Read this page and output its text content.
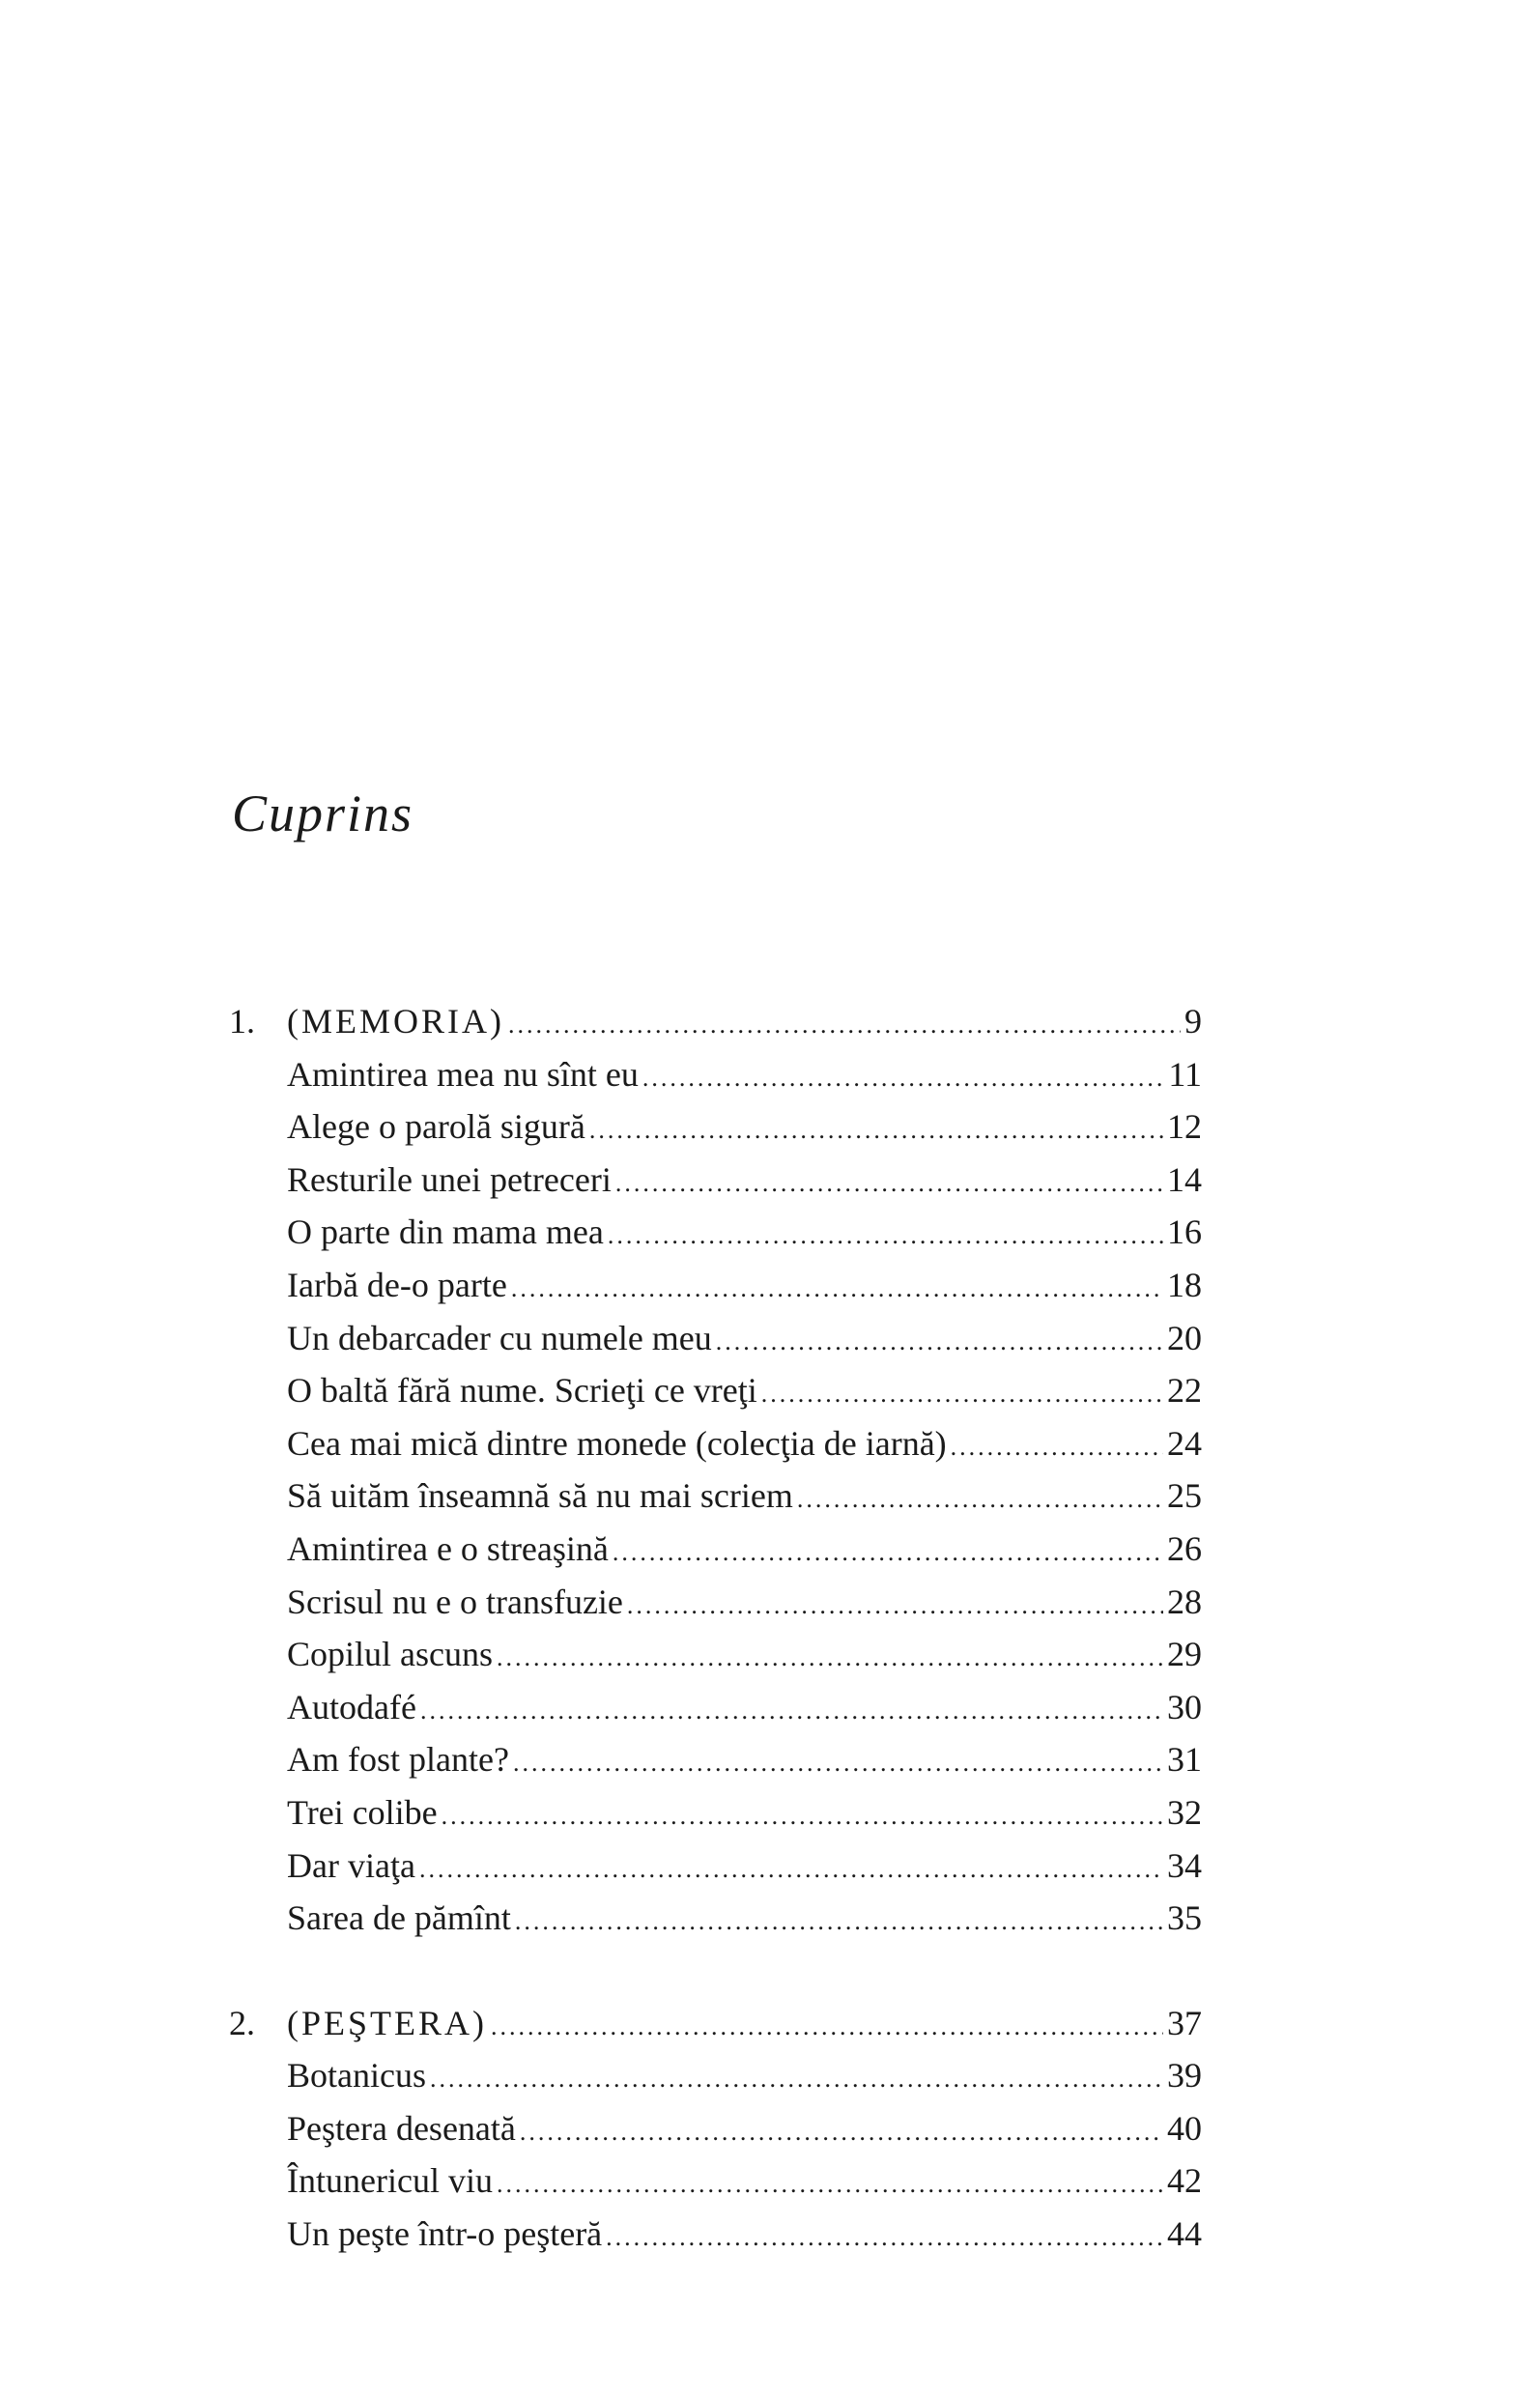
Cuprins
1. (MEMORIA) .....	9
Amintirea mea nu sînt eu .....	11
Alege o parolă sigură .....	12
Resturile unei petreceri .....	14
O parte din mama mea .....	16
Iarbă de-o parte .....	18
Un debarcader cu numele meu .....	20
O baltă fără nume. Scrieţi ce vreţi .....	22
Cea mai mică dintre monede (colecţia de iarnă) .....	24
Să uităm înseamnă să nu mai scriem .....	25
Amintirea e o streaşină .....	26
Scrisul nu e o transfuzie .....	28
Copilul ascuns .....	29
Autodafé .....	30
Am fost plante? .....	31
Trei colibe .....	32
Dar viaţa .....	34
Sarea de pămînt .....	35
2. (PEŞTERA) .....	37
Botanicus .....	39
Peştera desenată .....	40
Întunericul viu .....	42
Un peşte într-o peşteră .....	44
